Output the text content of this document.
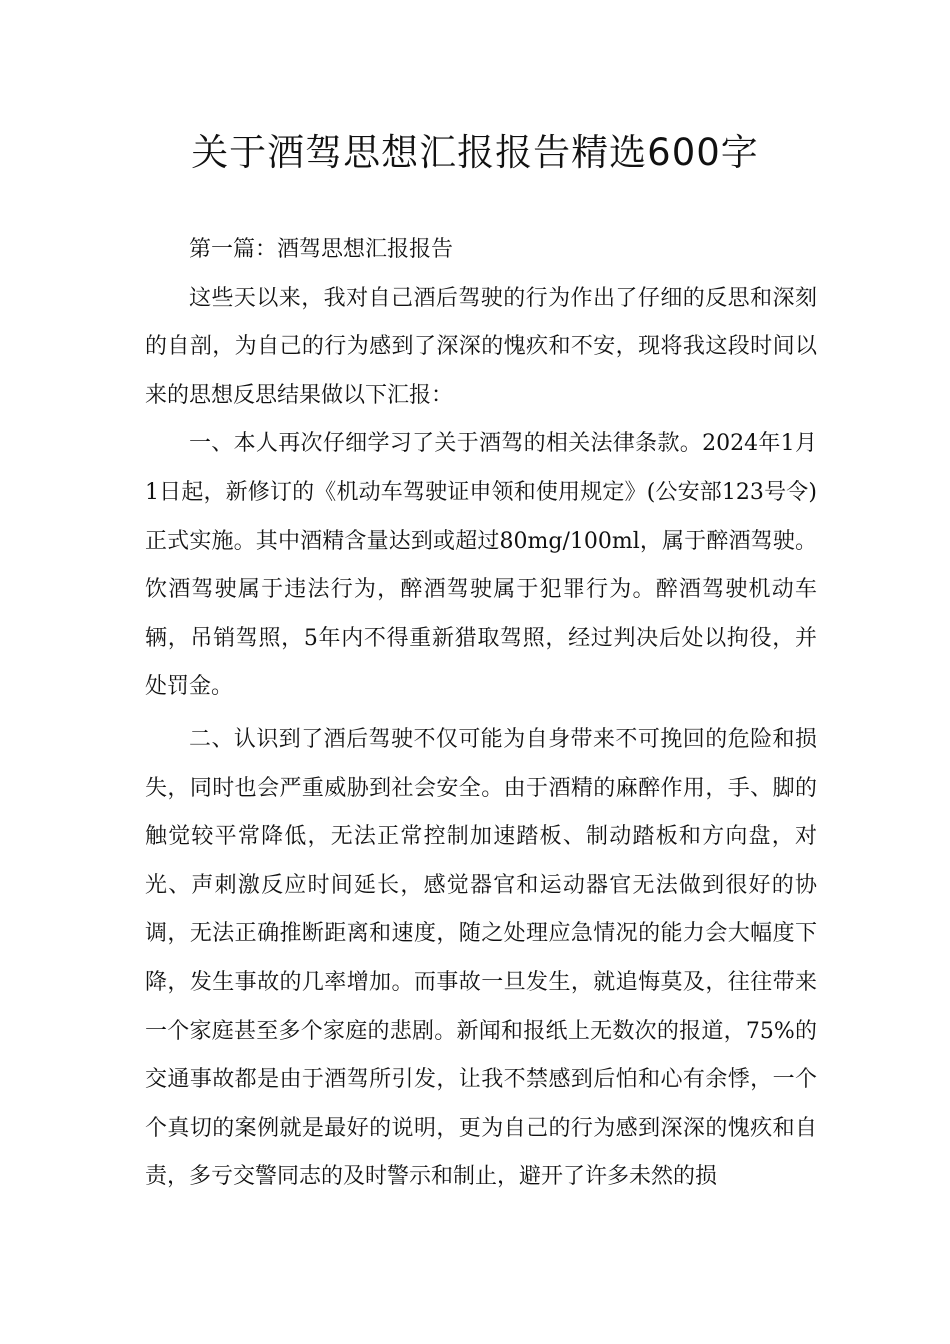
关于酒驾思想汇报报告精选600字

第一篇：酒驾思想汇报报告

这些天以来，我对自己酒后驾驶的行为作出了仔细的反思和深刻的自剖，为自己的行为感到了深深的愧疚和不安，现将我这段时间以来的思想反思结果做以下汇报：

一、本人再次仔细学习了关于酒驾的相关法律条款。2024年1月1日起，新修订的《机动车驾驶证申领和使用规定》(公安部123号令)正式实施。其中酒精含量达到或超过80mg/100ml，属于醉酒驾驶。饮酒驾驶属于违法行为，醉酒驾驶属于犯罪行为。醉酒驾驶机动车辆，吊销驾照，5年内不得重新猎取驾照，经过判决后处以拘役，并处罚金。

二、认识到了酒后驾驶不仅可能为自身带来不可挽回的危险和损失，同时也会严重威胁到社会安全。由于酒精的麻醉作用，手、脚的触觉较平常降低，无法正常控制加速踏板、制动踏板和方向盘，对光、声刺激反应时间延长，感觉器官和运动器官无法做到很好的协调，无法正确推断距离和速度，随之处理应急情况的能力会大幅度下降，发生事故的几率增加。而事故一旦发生，就追悔莫及，往往带来一个家庭甚至多个家庭的悲剧。新闻和报纸上无数次的报道，75%的交通事故都是由于酒驾所引发，让我不禁感到后怕和心有余悸，一个个真切的案例就是最好的说明，更为自己的行为感到深深的愧疚和自责，多亏交警同志的及时警示和制止，避开了许多未然的损
